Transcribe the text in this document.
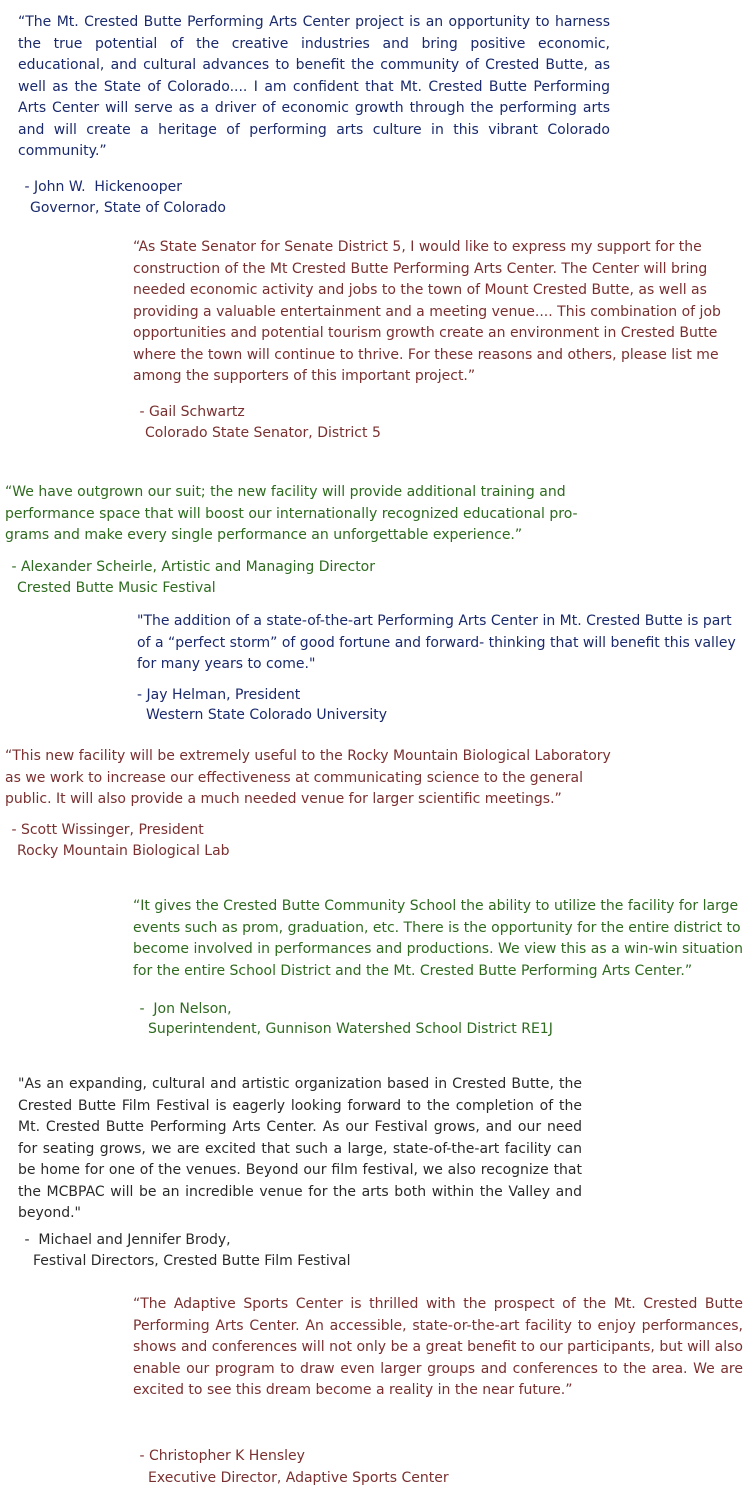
“The Mt. Crested Butte Performing Arts Center project is an opportunity to harness the true potential of the creative industries and bring positive economic, educational, and cultural advances to benefit the community of Crested Butte, as well as the State of Colorado.... I am confident that Mt. Crested Butte Performing Arts Center will serve as a driver of economic growth through the performing arts and will create a heritage of performing arts culture in this vibrant Colorado community.”

- John W.  Hickenooper
Governor, State of Colorado

“As State Senator for Senate District 5, I would like to express my support for the construction of the Mt Crested Butte Performing Arts Center. The Center will bring needed economic activity and jobs to the town of Mount Crested Butte, as well as providing a valuable entertainment and a meeting venue.... This combination of job opportunities and potential tourism growth create an environment in Crested Butte where the town will continue to thrive. For these reasons and others, please list me among the supporters of this important project.”

- Gail Schwartz
Colorado State Senator, District 5

“We have outgrown our suit; the new facility will provide additional training and performance space that will boost our internationally recognized educational pro-grams and make every single performance an unforgettable experience.”

- Alexander Scheirle, Artistic and Managing Director
Crested Butte Music Festival

"The addition of a state-of-the-art Performing Arts Center in Mt. Crested Butte is part of a “perfect storm” of good fortune and forward- thinking that will benefit this valley for many years to come."

- Jay Helman, President
Western State Colorado University

“This new facility will be extremely useful to the Rocky Mountain Biological Laboratory as we work to increase our effectiveness at communicating science to the general public. It will also provide a much needed venue for larger scientific meetings.”

- Scott Wissinger, President
Rocky Mountain Biological Lab

“It gives the Crested Butte Community School the ability to utilize the facility for large events such as prom, graduation, etc. There is the opportunity for the entire district to become involved in performances and productions. We view this as a win-win situation for the entire School District and the Mt. Crested Butte Performing Arts Center.”

-  Jon Nelson,
Superintendent, Gunnison Watershed School District RE1J

"As an expanding, cultural and artistic organization based in Crested Butte, the Crested Butte Film Festival is eagerly looking forward to the completion of the Mt. Crested Butte Performing Arts Center. As our Festival grows, and our need for seating grows, we are excited that such a large, state-of-the-art facility can be home for one of the venues. Beyond our film festival, we also recognize that the MCBPAC will be an incredible venue for the arts both within the Valley and beyond."

-  Michael and Jennifer Brody,
Festival Directors, Crested Butte Film Festival

“The Adaptive Sports Center is thrilled with the prospect of the Mt. Crested Butte Performing Arts Center. An accessible, state-or-the-art facility to enjoy performances, shows and conferences will not only be a great benefit to our participants, but will also enable our program to draw even larger groups and conferences to the area. We are excited to see this dream become a reality in the near future.”

- Christopher K Hensley
Executive Director, Adaptive Sports Center
